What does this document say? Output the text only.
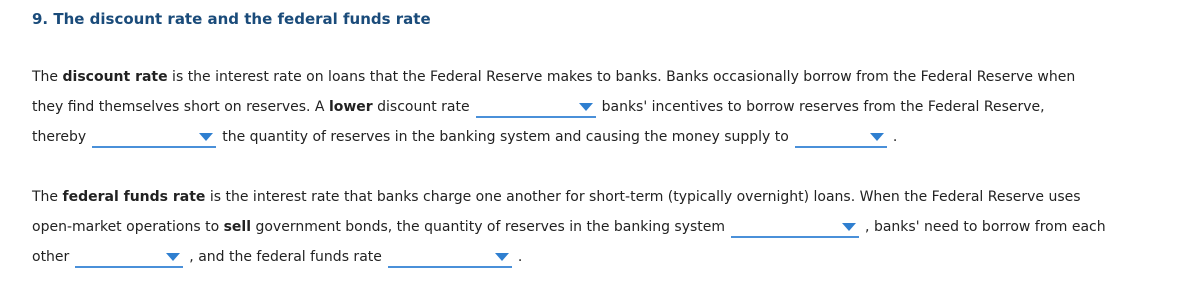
9. The discount rate and the federal funds rate
The discount rate is the interest rate on loans that the Federal Reserve makes to banks. Banks occasionally borrow from the Federal Reserve when
they find themselves short on reserves. A lower discount rate	banks' incentives to borrow reserves from the Federal Reserve,
thereby	the quantity of reserves in the banking system and causing the money supply to	.
The federal funds rate is the interest rate that banks charge one another for short-term (typically overnight) loans. When the Federal Reserve uses
open-market operations to sell government bonds, the quantity of reserves in the banking system	, banks' need to borrow from each
other	, and the federal funds rate	.
